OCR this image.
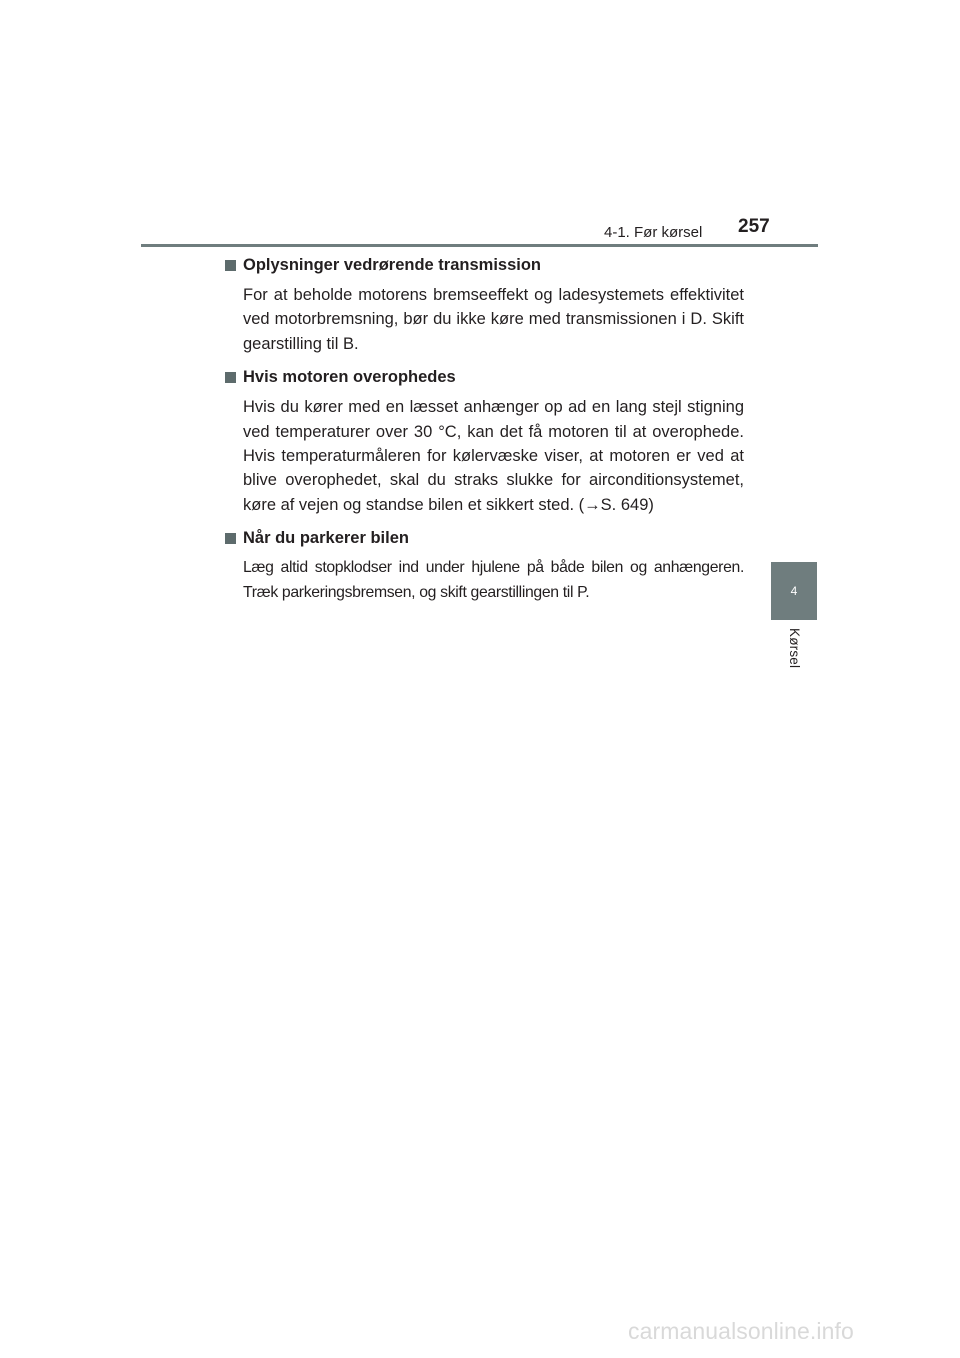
4-1. Før kørsel 257
Oplysninger vedrørende transmission

For at beholde motorens bremseeffekt og ladesystemets effektivitet ved motorbremsning, bør du ikke køre med transmissionen i D. Skift gearstilling til B.

Hvis motoren overophedes

Hvis du kører med en læsset anhænger op ad en lang stejl stigning ved temperaturer over 30 °C, kan det få motoren til at overophede. Hvis temperaturmåleren for kølervæske viser, at motoren er ved at blive overophedet, skal du straks slukke for airconditionsystemet, køre af vejen og standse bilen et sikkert sted. (→S. 649)

Når du parkerer bilen

Læg altid stopklodser ind under hjulene på både bilen og anhængeren. Træk parkeringsbremsen, og skift gearstillingen til P.	4
Kørsel
carmanualsonline.info
